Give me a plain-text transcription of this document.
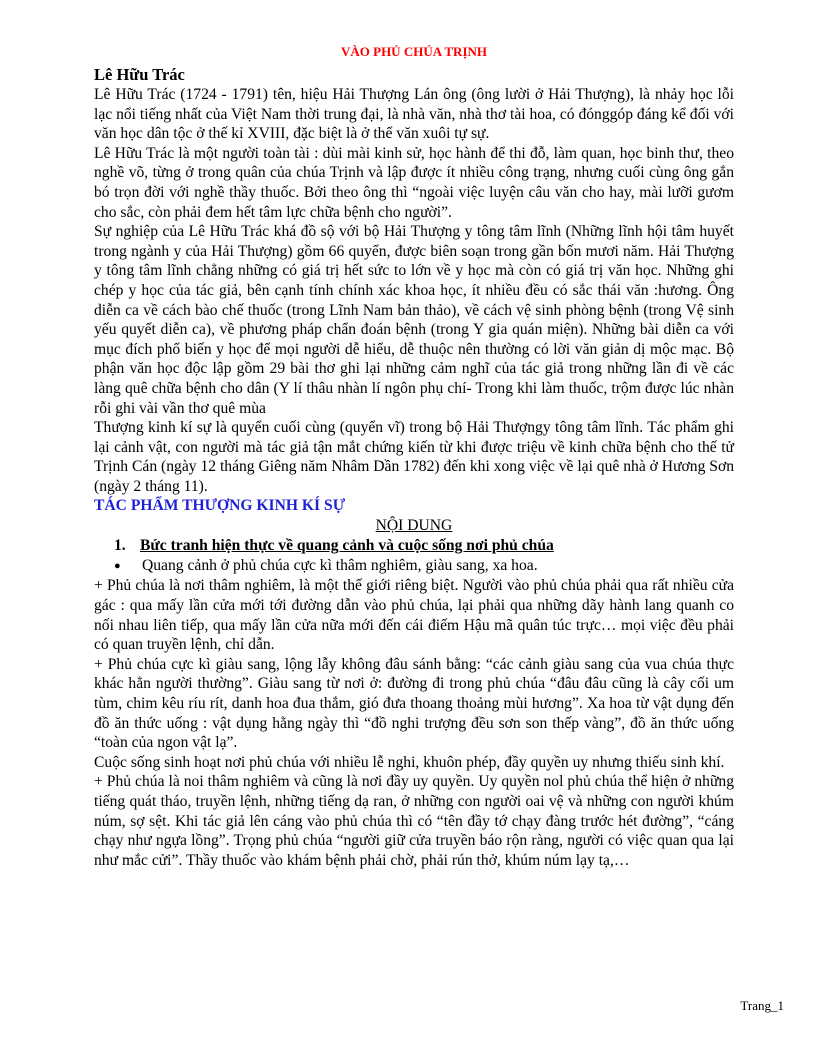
VÀO PHỦ CHÚA TRỊNH

Lê Hữu Trác

Lê Hữu Trác (1724 - 1791) tên, hiệu Hải Thượng Lán ông (ông lười ở Hải Thượng), là nhảy học lỗi lạc nổi tiếng nhất của Việt Nam thời trung đại, là nhà văn, nhà thơ tài hoa, có đónggóp đáng kể đối với văn học dân tộc ở thế kỉ XVIII, đặc biệt là ở thể văn xuôi tự sự.

Lê Hữu Trác là một người toàn tài : dùi mài kinh sử, học hành để thi đỗ, làm quan, học binh thư, theo nghề võ, từng ở trong quân của chúa Trịnh và lập được ít nhiều công trạng, nhưng cuối cùng ông gắn bó trọn đời với nghề thầy thuốc. Bởi theo ông thì “ngoài việc luyện câu văn cho hay, mài lưỡi gươm cho sắc, còn phải đem hết tâm lực chữa bệnh cho người”.

Sự nghiệp của Lê Hữu Trác khá đồ sộ với bộ Hải Thượng y tông tâm lĩnh (Những lĩnh hội tâm huyết trong ngành y của Hải Thượng) gồm 66 quyển, được biên soạn trong gần bốn mươi năm. Hải Thượng y tông tâm lĩnh chẳng những có giá trị hết sức to lớn về y học mà còn có giá trị văn học. Những ghi chép y học của tác giả, bên cạnh tính chính xác khoa học, ít nhiều đều có sắc thái văn :hương. Ông diễn ca về cách bào chế thuốc (trong Lĩnh Nam bản thảo), về cách vệ sinh phòng bệnh (trong Vệ sinh yếu quyết diễn ca), về phương pháp chẩn đoán bệnh (trong Y gia quán miện). Những bài diễn ca với mục đích phổ biến y học để mọi người dễ hiểu, dễ thuộc nên thường có lời văn giản dị mộc mạc. Bộ phận văn học độc lập gồm 29 bài thơ ghi lại những cảm nghĩ của tác giả trong những lần đi về các làng quê chữa bệnh cho dân (Y lí thâu nhàn lí ngôn phụ chí- Trong khi làm thuốc, trộm được lúc nhàn rỗi ghi vài vần thơ quê mùa

Thượng kinh kí sự là quyển cuối cùng (quyển vĩ) trong bộ Hải Thượngy tông tâm lĩnh. Tác phẩm ghi lại cảnh vật, con người mà tác giả tận mắt chứng kiến từ khi được triệu về kinh chữa bệnh cho thế tử Trịnh Cán (ngày 12 tháng Giêng năm Nhâm Dần 1782) đến khi xong việc về lại quê nhà ở Hương Sơn (ngày 2 tháng 11).

TÁC PHẨM THƯỢNG KINH KÍ SỰ

NỘI DUNG

1. Bức tranh hiện thực về quang cảnh và cuộc sống nơi phủ chúa
●	Quang cảnh ở phủ chúa cực kì thâm nghiêm, giàu sang, xa hoa.

+ Phủ chúa là nơi thâm nghiêm, là một thế giới riêng biệt. Người vào phủ chúa phải qua rất nhiều cửa gác : qua mấy lần cửa mới tới đường dẫn vào phủ chúa, lại phải qua những dãy hành lang quanh co nối nhau liên tiếp, qua mấy lần cửa nữa mới đến cái điếm Hậu mã quân túc trực… mọi việc đều phải có quan truyền lệnh, chỉ dẫn.

+ Phủ chúa cực kì giàu sang, lộng lẫy không đâu sánh bằng: “các cảnh giàu sang của vua chúa thực khác hẳn người thường”. Giàu sang từ nơi ở: đường đi trong phủ chúa “đâu đâu cũng là cây cối um tùm, chim kêu ríu rít, danh hoa đua thắm, gió đưa thoang thoảng mùi hương”. Xa hoa từ vật dụng đến đồ ăn thức uống : vật dụng hằng ngày thì “đồ nghi trượng đều sơn son thếp vàng”, đồ ăn thức uống “toàn của ngon vật lạ”.

Cuộc sống sinh hoạt nơi phủ chúa với nhiều lễ nghi, khuôn phép, đầy quyền uy nhưng thiếu sinh khí.

+ Phủ chúa là noi thâm nghiêm và cũng là nơi đầy uy quyền. Uy quyền nol phủ chúa thể hiện ở những tiếng quát tháo, truyền lệnh, những tiếng dạ ran, ở những con người oai vệ và những con người khúm núm, sợ sệt. Khi tác giả lên cáng vào phủ chúa thì có “tên đầy tớ chạy đàng trước hét đường”, “cáng chạy như ngựa lồng”. Trọng phủ chúa “người giữ cửa truyền báo rộn ràng, người có việc quan qua lại như mắc cửi”. Thầy thuốc vào khám bệnh phải chờ, phải rún thở, khúm núm lạy tạ,…

Trang_1
